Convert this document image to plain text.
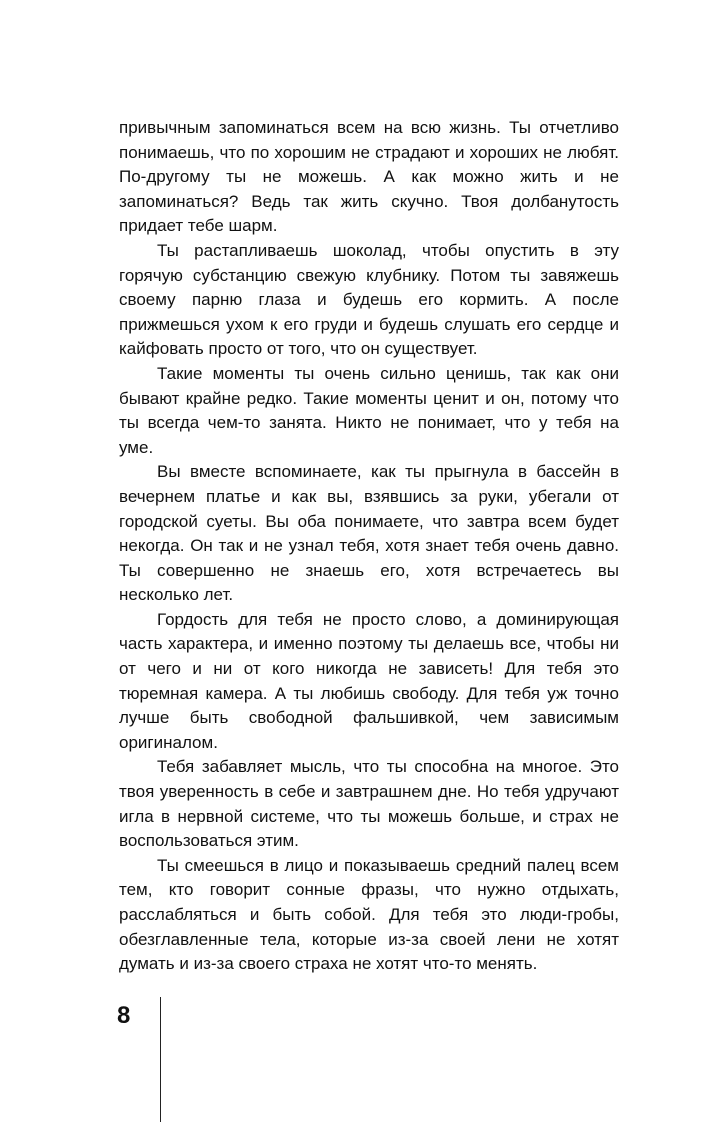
привычным запоминаться всем на всю жизнь. Ты отчетливо понимаешь, что по хорошим не страдают и хороших не любят. По-другому ты не можешь. А как можно жить и не запоминаться? Ведь так жить скучно. Твоя долбанутость придает тебе шарм.

Ты растапливаешь шоколад, чтобы опустить в эту горячую субстанцию свежую клубнику. Потом ты завяжешь своему парню глаза и будешь его кормить. А после прижмешься ухом к его груди и будешь слушать его сердце и кайфовать просто от того, что он существует.

Такие моменты ты очень сильно ценишь, так как они бывают крайне редко. Такие моменты ценит и он, потому что ты всегда чем-то занята. Никто не понимает, что у тебя на уме.

Вы вместе вспоминаете, как ты прыгнула в бассейн в вечернем платье и как вы, взявшись за руки, убегали от городской суеты. Вы оба понимаете, что завтра всем будет некогда. Он так и не узнал тебя, хотя знает тебя очень давно. Ты совершенно не знаешь его, хотя встречаетесь вы несколько лет.

Гордость для тебя не просто слово, а доминирующая часть характера, и именно поэтому ты делаешь все, чтобы ни от чего и ни от кого никогда не зависеть! Для тебя это тюремная камера. А ты любишь свободу. Для тебя уж точно лучше быть свободной фальшивкой, чем зависимым оригиналом.

Тебя забавляет мысль, что ты способна на многое. Это твоя уверенность в себе и завтрашнем дне. Но тебя удручают игла в нервной системе, что ты можешь больше, и страх не воспользоваться этим.

Ты смеешься в лицо и показываешь средний палец всем тем, кто говорит сонные фразы, что нужно отдыхать, расслабляться и быть собой. Для тебя это люди-гробы, обезглавленные тела, которые из-за своей лени не хотят думать и из-за своего страха не хотят что-то менять.

8
